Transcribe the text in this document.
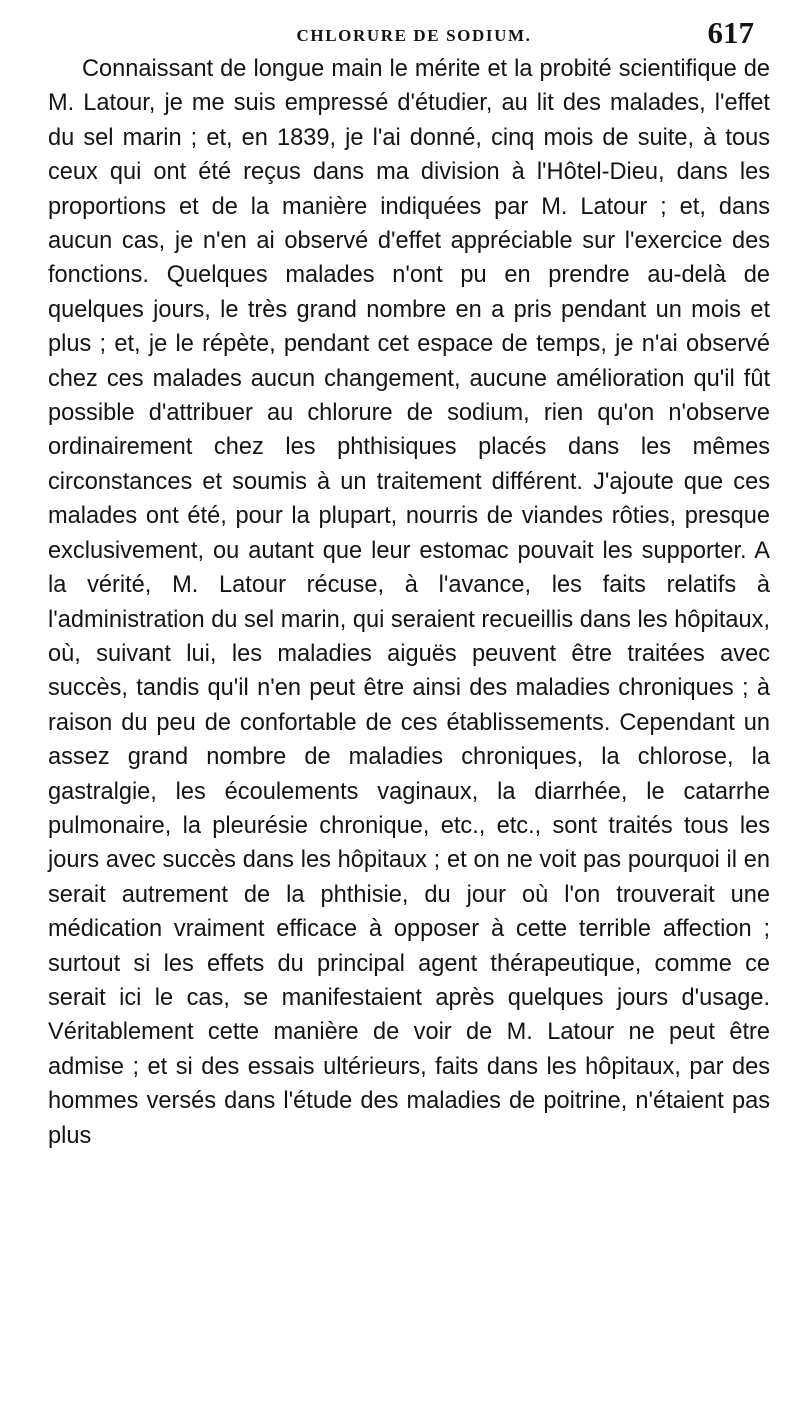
CHLORURE DE SODIUM.	617

Connaissant de longue main le mérite et la probité scientifique de M. Latour, je me suis empressé d'étudier, au lit des malades, l'effet du sel marin ; et, en 1839, je l'ai donné, cinq mois de suite, à tous ceux qui ont été reçus dans ma division à l'Hôtel-Dieu, dans les proportions et de la manière indiquées par M. Latour ; et, dans aucun cas, je n'en ai observé d'effet appréciable sur l'exercice des fonctions. Quelques malades n'ont pu en prendre au-delà de quelques jours, le très grand nombre en a pris pendant un mois et plus ; et, je le répète, pendant cet espace de temps, je n'ai observé chez ces malades aucun changement, aucune amélioration qu'il fût possible d'attribuer au chlorure de sodium, rien qu'on n'observe ordinairement chez les phthisiques placés dans les mêmes circonstances et soumis à un traitement différent. J'ajoute que ces malades ont été, pour la plupart, nourris de viandes rôties, presque exclusivement, ou autant que leur estomac pouvait les supporter. A la vérité, M. Latour récuse, à l'avance, les faits relatifs à l'administration du sel marin, qui seraient recueillis dans les hôpitaux, où, suivant lui, les maladies aiguës peuvent être traitées avec succès, tandis qu'il n'en peut être ainsi des maladies chroniques ; à raison du peu de confortable de ces établissements. Cependant un assez grand nombre de maladies chroniques, la chlorose, la gastralgie, les écoulements vaginaux, la diarrhée, le catarrhe pulmonaire, la pleurésie chronique, etc., etc., sont traités tous les jours avec succès dans les hôpitaux ; et on ne voit pas pourquoi il en serait autrement de la phthisie, du jour où l'on trouverait une médication vraiment efficace à opposer à cette terrible affection ; surtout si les effets du principal agent thérapeutique, comme ce serait ici le cas, se manifestaient après quelques jours d'usage. Véritablement cette manière de voir de M. Latour ne peut être admise ; et si des essais ultérieurs, faits dans les hôpitaux, par des hommes versés dans l'étude des maladies de poitrine, n'étaient pas plus
